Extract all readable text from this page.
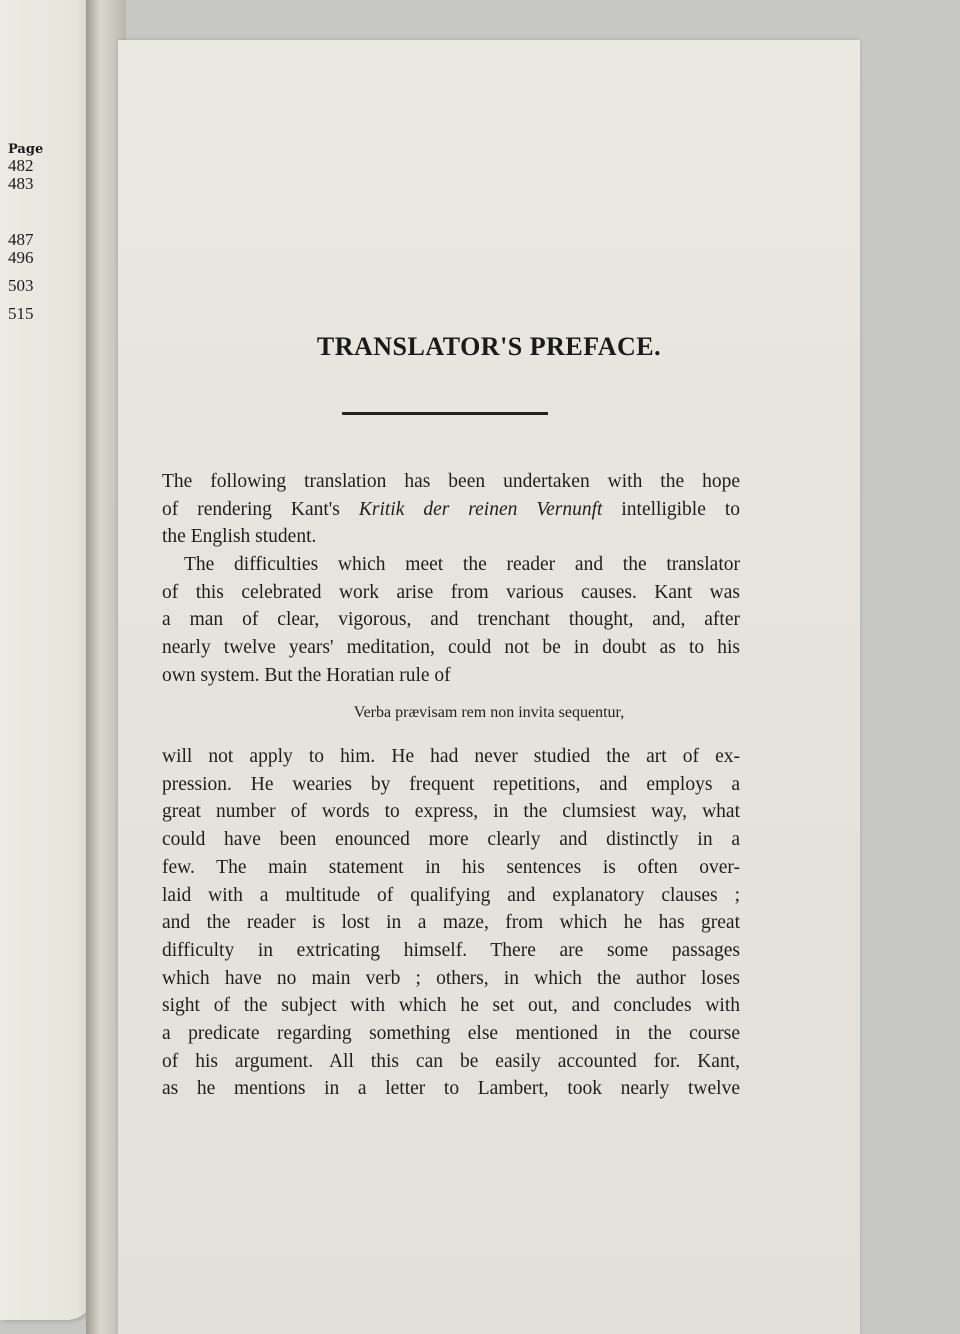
Page
482
483
487
496
503
515
TRANSLATOR'S PREFACE.
The following translation has been undertaken with the hope
of rendering Kant's Kritik der reinen Vernunft intelligible to
the English student.
The difficulties which meet the reader and the translator
of this celebrated work arise from various causes. Kant was
a man of clear, vigorous, and trenchant thought, and, after
nearly twelve years' meditation, could not be in doubt as to his
own system. But the Horatian rule of
Verba prævisam rem non invita sequentur,
will not apply to him. He had never studied the art of ex-
pression. He wearies by frequent repetitions, and employs a
great number of words to express, in the clumsiest way, what
could have been enounced more clearly and distinctly in a
few. The main statement in his sentences is often over-
laid with a multitude of qualifying and explanatory clauses ;
and the reader is lost in a maze, from which he has great
difficulty in extricating himself. There are some passages
which have no main verb ; others, in which the author loses
sight of the subject with which he set out, and concludes with
a predicate regarding something else mentioned in the course
of his argument. All this can be easily accounted for. Kant,
as he mentions in a letter to Lambert, took nearly twelve
